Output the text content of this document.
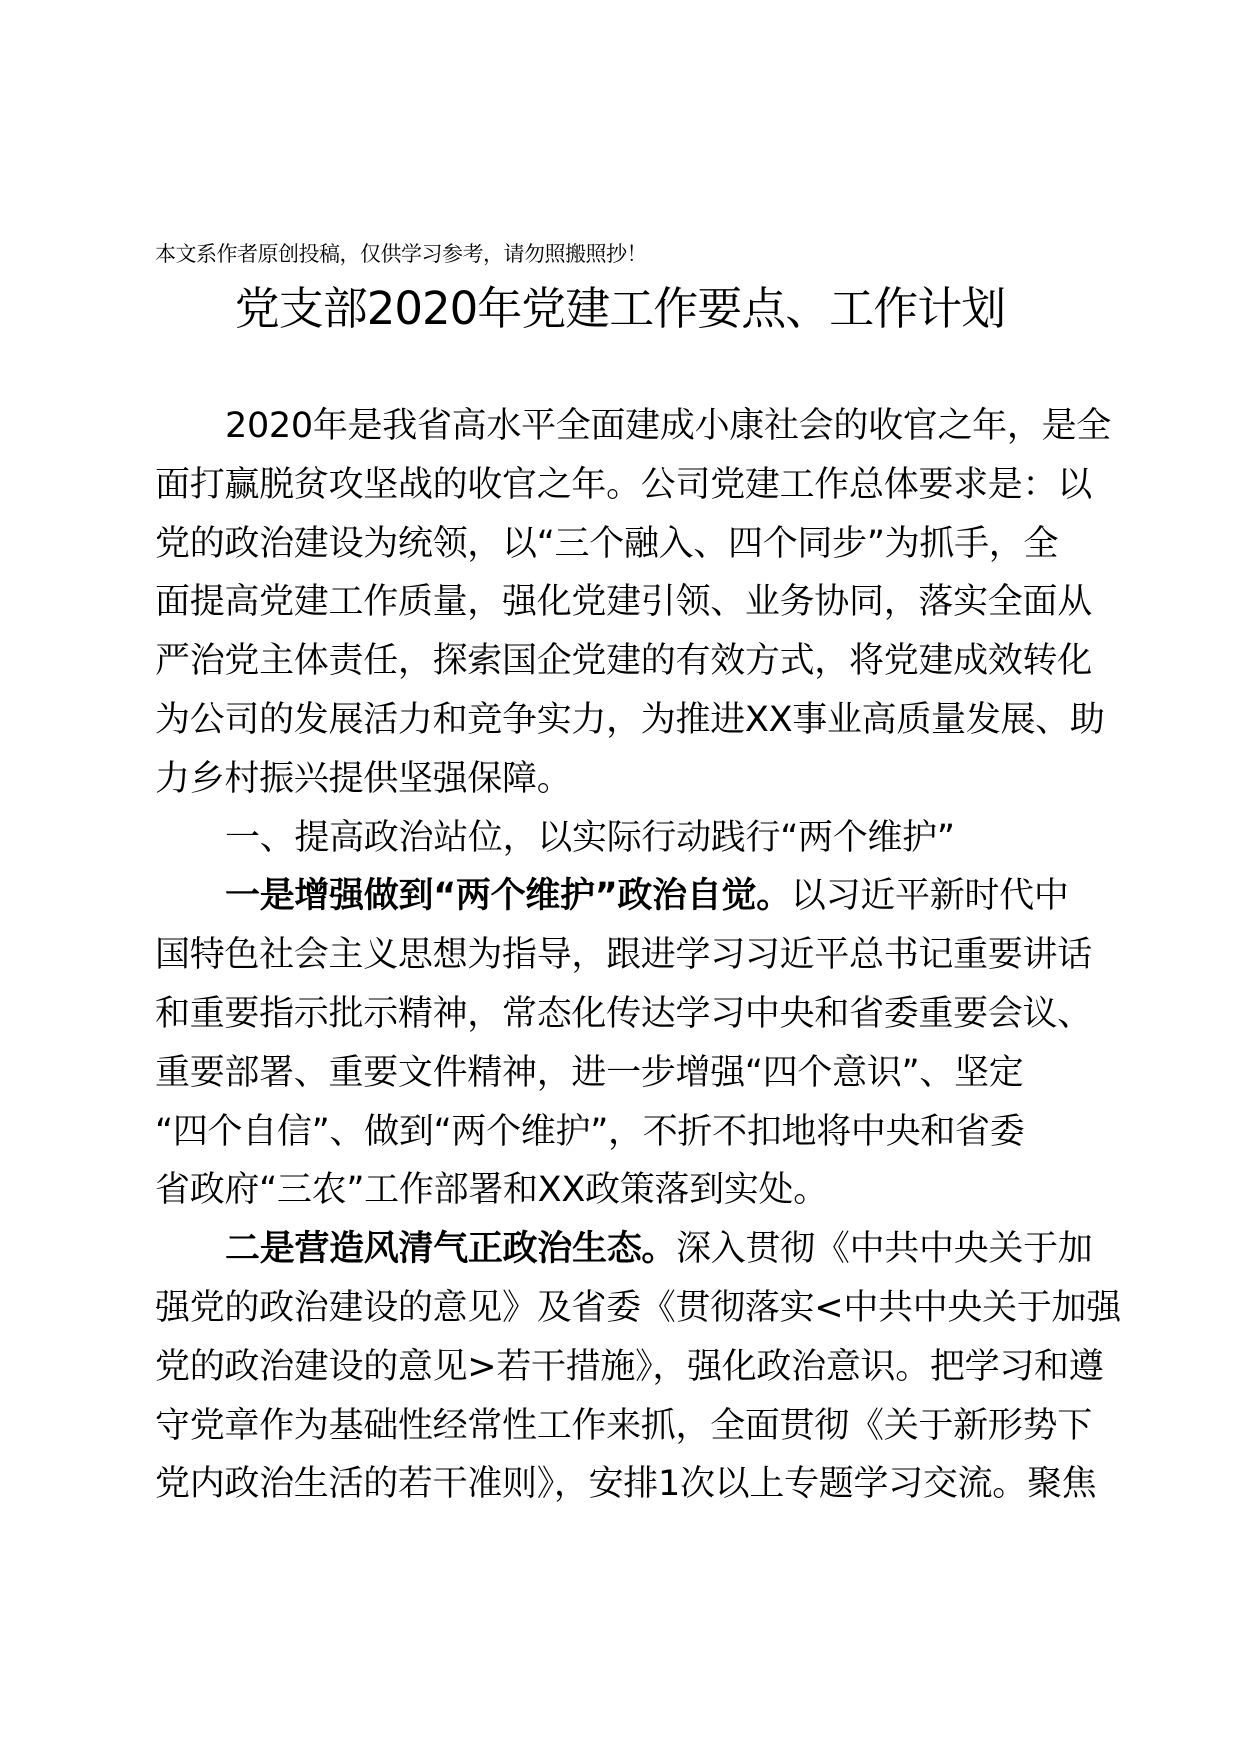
本文系作者原创投稿，仅供学习参考，请勿照搬照抄！
党支部2020年党建工作要点、工作计划
2020年是我省高水平全面建成小康社会的收官之年，是全
面打赢脱贫攻坚战的收官之年。公司党建工作总体要求是：以
党的政治建设为统领，以“三个融入、四个同步”为抓手，全
面提高党建工作质量，强化党建引领、业务协同，落实全面从
严治党主体责任，探索国企党建的有效方式，将党建成效转化
为公司的发展活力和竞争实力，为推进XX事业高质量发展、助
力乡村振兴提供坚强保障。
一、提高政治站位，以实际行动践行“两个维护”
一是增强做到“两个维护”政治自觉。以习近平新时代中
国特色社会主义思想为指导，跟进学习习近平总书记重要讲话
和重要指示批示精神，常态化传达学习中央和省委重要会议、
重要部署、重要文件精神，进一步增强“四个意识”、坚定
“四个自信”、做到“两个维护”，不折不扣地将中央和省委
省政府“三农”工作部署和XX政策落到实处。
二是营造风清气正政治生态。深入贯彻《中共中央关于加
强党的政治建设的意见》及省委《贯彻落实<中共中央关于加强
党的政治建设的意见>若干措施》，强化政治意识。把学习和遵
守党章作为基础性经常性工作来抓，全面贯彻《关于新形势下
党内政治生活的若干准则》，安排1次以上专题学习交流。聚焦
